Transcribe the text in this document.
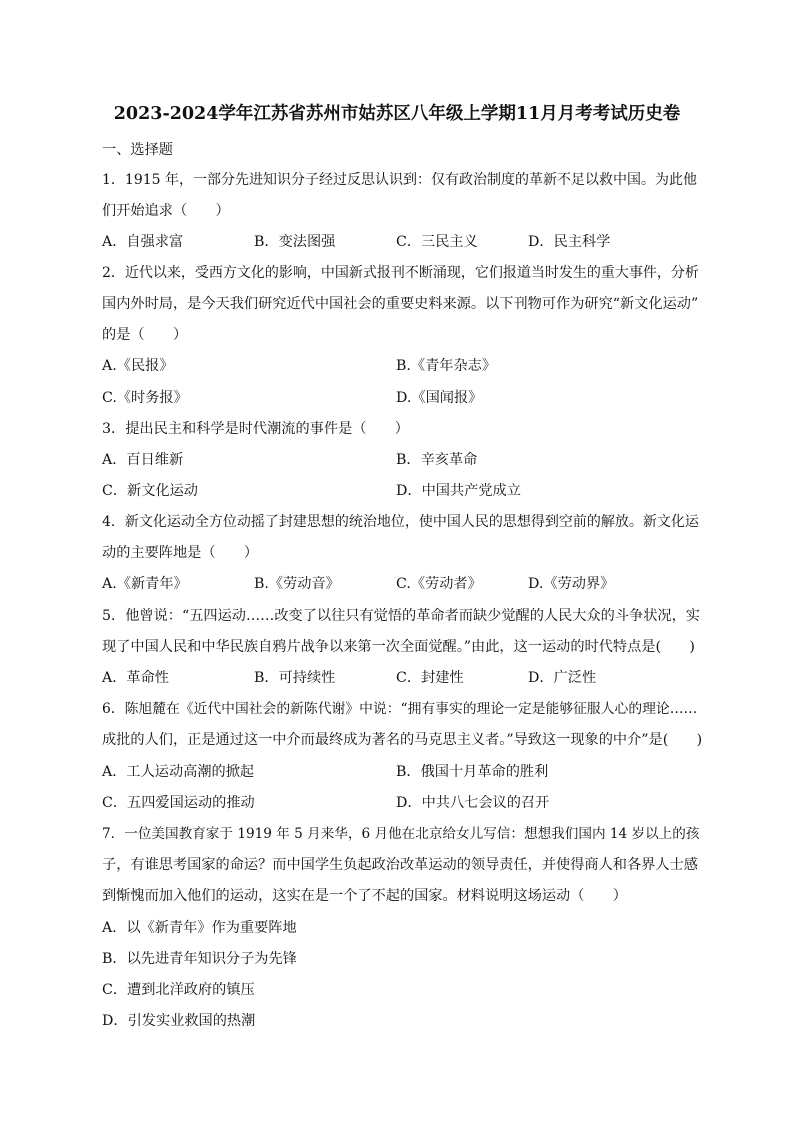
2023-2024学年江苏省苏州市姑苏区八年级上学期11月月考考试历史卷
一、选择题
1．1915 年，一部分先进知识分子经过反思认识到：仅有政治制度的革新不足以救中国。为此他
们开始追求（　　）
A．自强求富	B．变法图强	C．三民主义	D．民主科学
2．近代以来，受西方文化的影响，中国新式报刊不断涌现，它们报道当时发生的重大事件，分析
国内外时局，是今天我们研究近代中国社会的重要史料来源。以下刊物可作为研究“新文化运动”
的是（　　）
A.《民报》	B.《青年杂志》
C.《时务报》	D.《国闻报》
3．提出民主和科学是时代潮流的事件是（　　）
A．百日维新	B．辛亥革命
C．新文化运动	D．中国共产党成立
4．新文化运动全方位动摇了封建思想的统治地位，使中国人民的思想得到空前的解放。新文化运
动的主要阵地是（　　）
A.《新青年》	B.《劳动音》	C.《劳动者》	D.《劳动界》
5．他曾说：“五四运动……改变了以往只有觉悟的革命者而缺少觉醒的人民大众的斗争状况，实
现了中国人民和中华民族自鸦片战争以来第一次全面觉醒。”由此，这一运动的时代特点是(　　)
A．革命性	B．可持续性	C．封建性	D．广泛性
6．陈旭麓在《近代中国社会的新陈代谢》中说：“拥有事实的理论一定是能够征服人心的理论……
成批的人们，正是通过这一中介而最终成为著名的马克思主义者。”导致这一现象的中介”是(　　)
A．工人运动高潮的掀起	B．俄国十月革命的胜利
C．五四爱国运动的推动	D．中共八七会议的召开
7．一位美国教育家于 1919 年 5 月来华，6 月他在北京给女儿写信：想想我们国内 14 岁以上的孩
子，有谁思考国家的命运？而中国学生负起政治改革运动的领导责任，并使得商人和各界人士感
到惭愧而加入他们的运动，这实在是一个了不起的国家。材料说明这场运动（　　）
A．以《新青年》作为重要阵地
B．以先进青年知识分子为先锋
C．遭到北洋政府的镇压
D．引发实业救国的热潮
